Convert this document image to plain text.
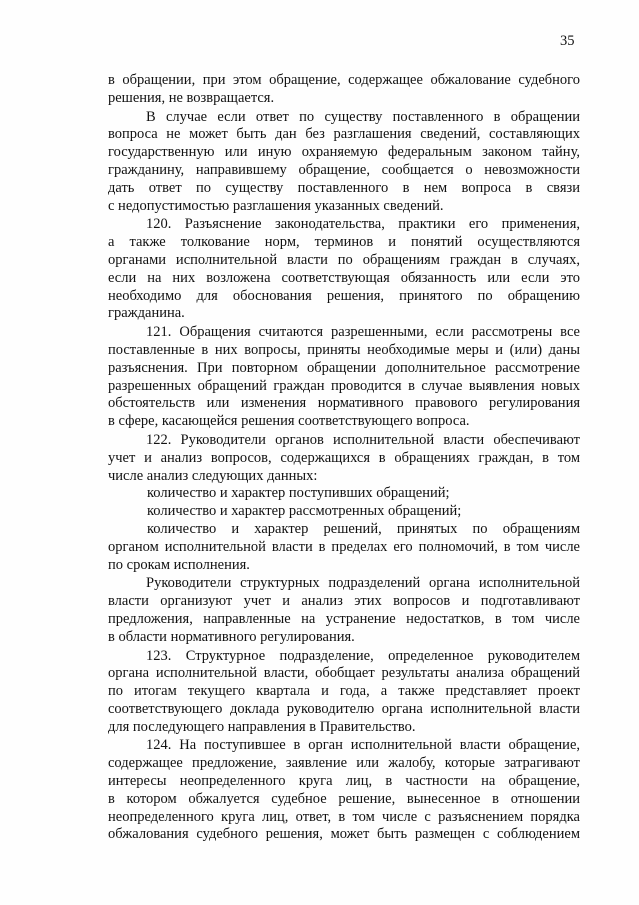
35
в обращении, при этом обращение, содержащее обжалование судебного
решения, не возвращается.
В случае если ответ по существу поставленного в обращении
вопроса не может быть дан без разглашения сведений, составляющих
государственную или иную охраняемую федеральным законом тайну,
гражданину, направившему обращение, сообщается о невозможности
дать ответ по существу поставленного в нем вопроса в связи
с недопустимостью разглашения указанных сведений.
120. Разъяснение законодательства, практики его применения,
а также толкование норм, терминов и понятий осуществляются
органами исполнительной власти по обращениям граждан в случаях,
если на них возложена соответствующая обязанность или если это
необходимо для обоснования решения, принятого по обращению
гражданина.
121. Обращения считаются разрешенными, если рассмотрены все
поставленные в них вопросы, приняты необходимые меры и (или) даны
разъяснения. При повторном обращении дополнительное рассмотрение
разрешенных обращений граждан проводится в случае выявления новых
обстоятельств или изменения нормативного правового регулирования
в сфере, касающейся решения соответствующего вопроса.
122. Руководители органов исполнительной власти обеспечивают
учет и анализ вопросов, содержащихся в обращениях граждан, в том
числе анализ следующих данных:
количество и характер поступивших обращений;
количество и характер рассмотренных обращений;
количество и характер решений, принятых по обращениям
органом исполнительной власти в пределах его полномочий, в том числе
по срокам исполнения.
Руководители структурных подразделений органа исполнительной
власти организуют учет и анализ этих вопросов и подготавливают
предложения, направленные на устранение недостатков, в том числе
в области нормативного регулирования.
123. Структурное подразделение, определенное руководителем
органа исполнительной власти, обобщает результаты анализа обращений
по итогам текущего квартала и года, а также представляет проект
соответствующего доклада руководителю органа исполнительной власти
для последующего направления в Правительство.
124. На поступившее в орган исполнительной власти обращение,
содержащее предложение, заявление или жалобу, которые затрагивают
интересы неопределенного круга лиц, в частности на обращение,
в котором обжалуется судебное решение, вынесенное в отношении
неопределенного круга лиц, ответ, в том числе с разъяснением порядка
обжалования судебного решения, может быть размещен с соблюдением
